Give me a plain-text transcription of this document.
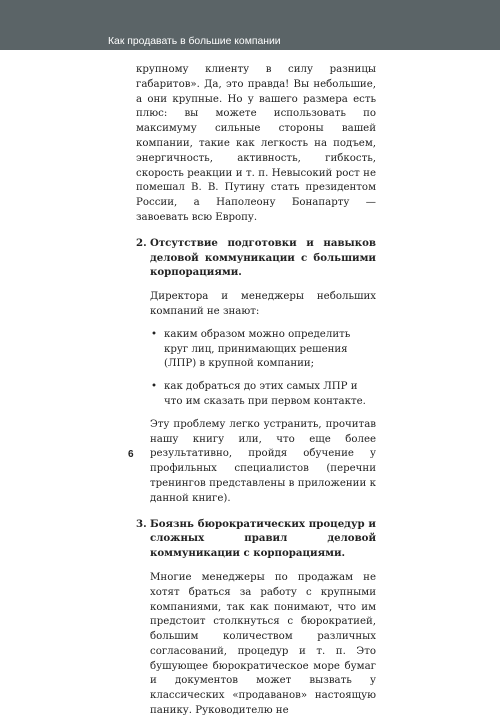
Как продавать в большие компании

крупному клиенту в силу разницы габаритов». Да, это правда! Вы небольшие, а они крупные. Но у вашего размера есть плюс: вы можете использовать по максимуму сильные стороны вашей компании, такие как легкость на подъем, энергичность, активность, гибкость, скорость реакции и т. п. Невысокий рост не помешал В. В. Путину стать президентом России, а Наполеону Бонапарту — завоевать всю Европу.

2. Отсутствие подготовки и навыков деловой коммуникации с большими корпорациями.

Директора и менеджеры небольших компаний не знают:

• каким образом можно определить круг лиц, принимающих решения (ЛПР) в крупной компании;
• как добраться до этих самых ЛПР и что им сказать при первом контакте.

Эту проблему легко устранить, прочитав нашу книгу или, что еще более результативно, пройдя обучение у профильных специалистов (перечни тренингов представлены в приложении к данной книге).

3. Боязнь бюрократических процедур и сложных правил деловой коммуникации с корпорациями.

Многие менеджеры по продажам не хотят браться за работу с крупными компаниями, так как понимают, что им предстоит столкнуться с бюрократией, большим количеством различных согласований, процедур и т. п. Это бушующее бюрократическое море бумаг и документов может вызвать у классических «продаванов» настоящую панику. Руководителю не

6
